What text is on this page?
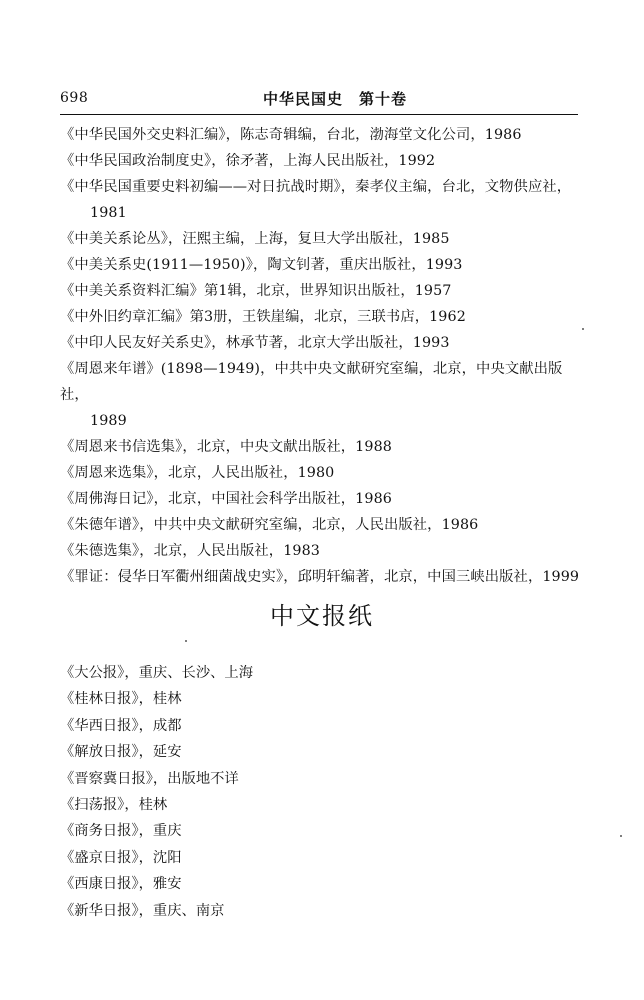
698	中华民国史　第十卷
《中华民国外交史料汇编》，陈志奇辑编，台北，渤海堂文化公司，1986
《中华民国政治制度史》，徐矛著，上海人民出版社，1992
《中华民国重要史料初编——对日抗战时期》，秦孝仪主编，台北，文物供应社，
1981
《中美关系论丛》，汪熙主编，上海，复旦大学出版社，1985
《中美关系史(1911—1950)》，陶文钊著，重庆出版社，1993
《中美关系资料汇编》第1辑，北京，世界知识出版社，1957
《中外旧约章汇编》第3册，王铁崖编，北京，三联书店，1962
《中印人民友好关系史》，林承节著，北京大学出版社，1993
《周恩来年谱》(1898—1949)，中共中央文献研究室编，北京，中央文献出版社，
1989
《周恩来书信选集》，北京，中央文献出版社，1988
《周恩来选集》，北京，人民出版社，1980
《周佛海日记》，北京，中国社会科学出版社，1986
《朱德年谱》，中共中央文献研究室编，北京，人民出版社，1986
《朱德选集》，北京，人民出版社，1983
《罪证：侵华日军衢州细菌战史实》，邱明轩编著，北京，中国三峡出版社，1999
中文报纸
《大公报》，重庆、长沙、上海
《桂林日报》，桂林
《华西日报》，成都
《解放日报》，延安
《晋察冀日报》，出版地不详
《扫荡报》，桂林
《商务日报》，重庆
《盛京日报》，沈阳
《西康日报》，雅安
《新华日报》，重庆、南京
